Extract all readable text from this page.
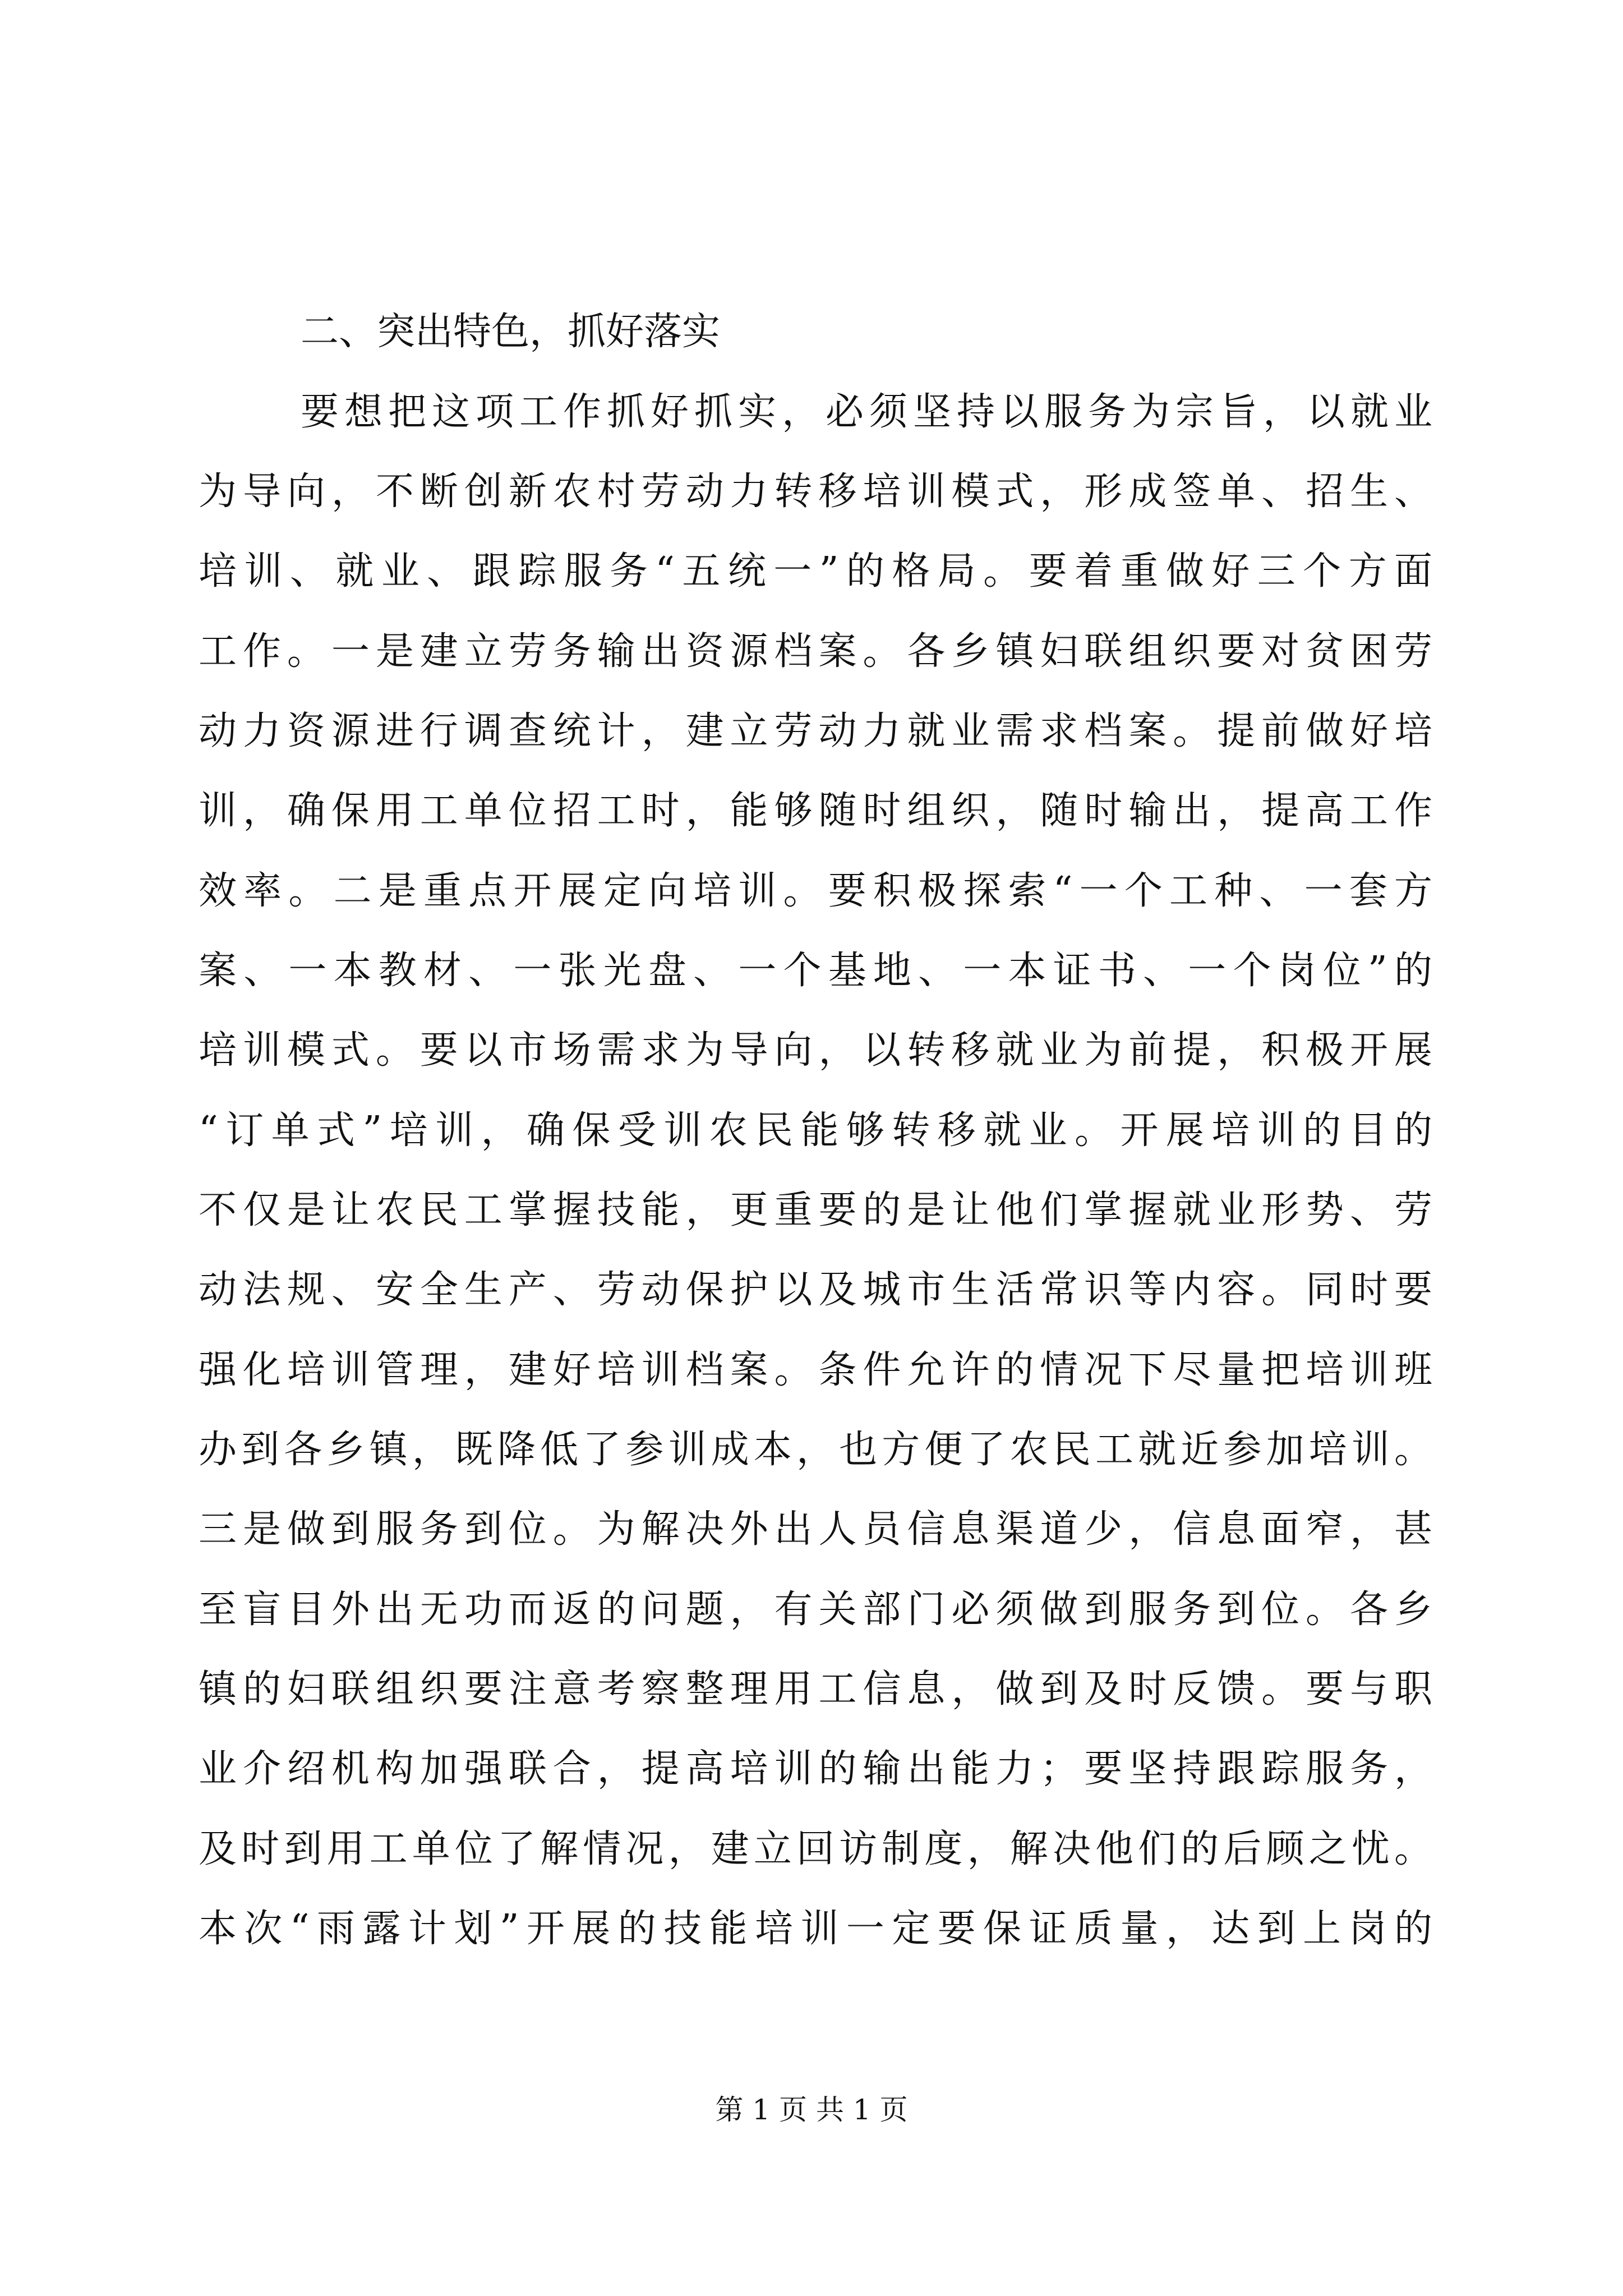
二、突出特色，抓好落实
要想把这项工作抓好抓实，必须坚持以服务为宗旨，以就业
为导向，不断创新农村劳动力转移培训模式，形成签单、招生、
培训、就业、跟踪服务“五统一”的格局。要着重做好三个方面
工作。一是建立劳务输出资源档案。各乡镇妇联组织要对贫困劳
动力资源进行调查统计，建立劳动力就业需求档案。提前做好培
训，确保用工单位招工时，能够随时组织，随时输出，提高工作
效率。二是重点开展定向培训。要积极探索“一个工种、一套方
案、一本教材、一张光盘、一个基地、一本证书、一个岗位”的
培训模式。要以市场需求为导向，以转移就业为前提，积极开展
“订单式”培训，确保受训农民能够转移就业。开展培训的目的
不仅是让农民工掌握技能，更重要的是让他们掌握就业形势、劳
动法规、安全生产、劳动保护以及城市生活常识等内容。同时要
强化培训管理，建好培训档案。条件允许的情况下尽量把培训班
办到各乡镇，既降低了参训成本，也方便了农民工就近参加培训。
三是做到服务到位。为解决外出人员信息渠道少，信息面窄，甚
至盲目外出无功而返的问题，有关部门必须做到服务到位。各乡
镇的妇联组织要注意考察整理用工信息，做到及时反馈。要与职
业介绍机构加强联合，提高培训的输出能力；要坚持跟踪服务，
及时到用工单位了解情况，建立回访制度，解决他们的后顾之忧。
本次“雨露计划”开展的技能培训一定要保证质量，达到上岗的
第 1 页 共 1 页
